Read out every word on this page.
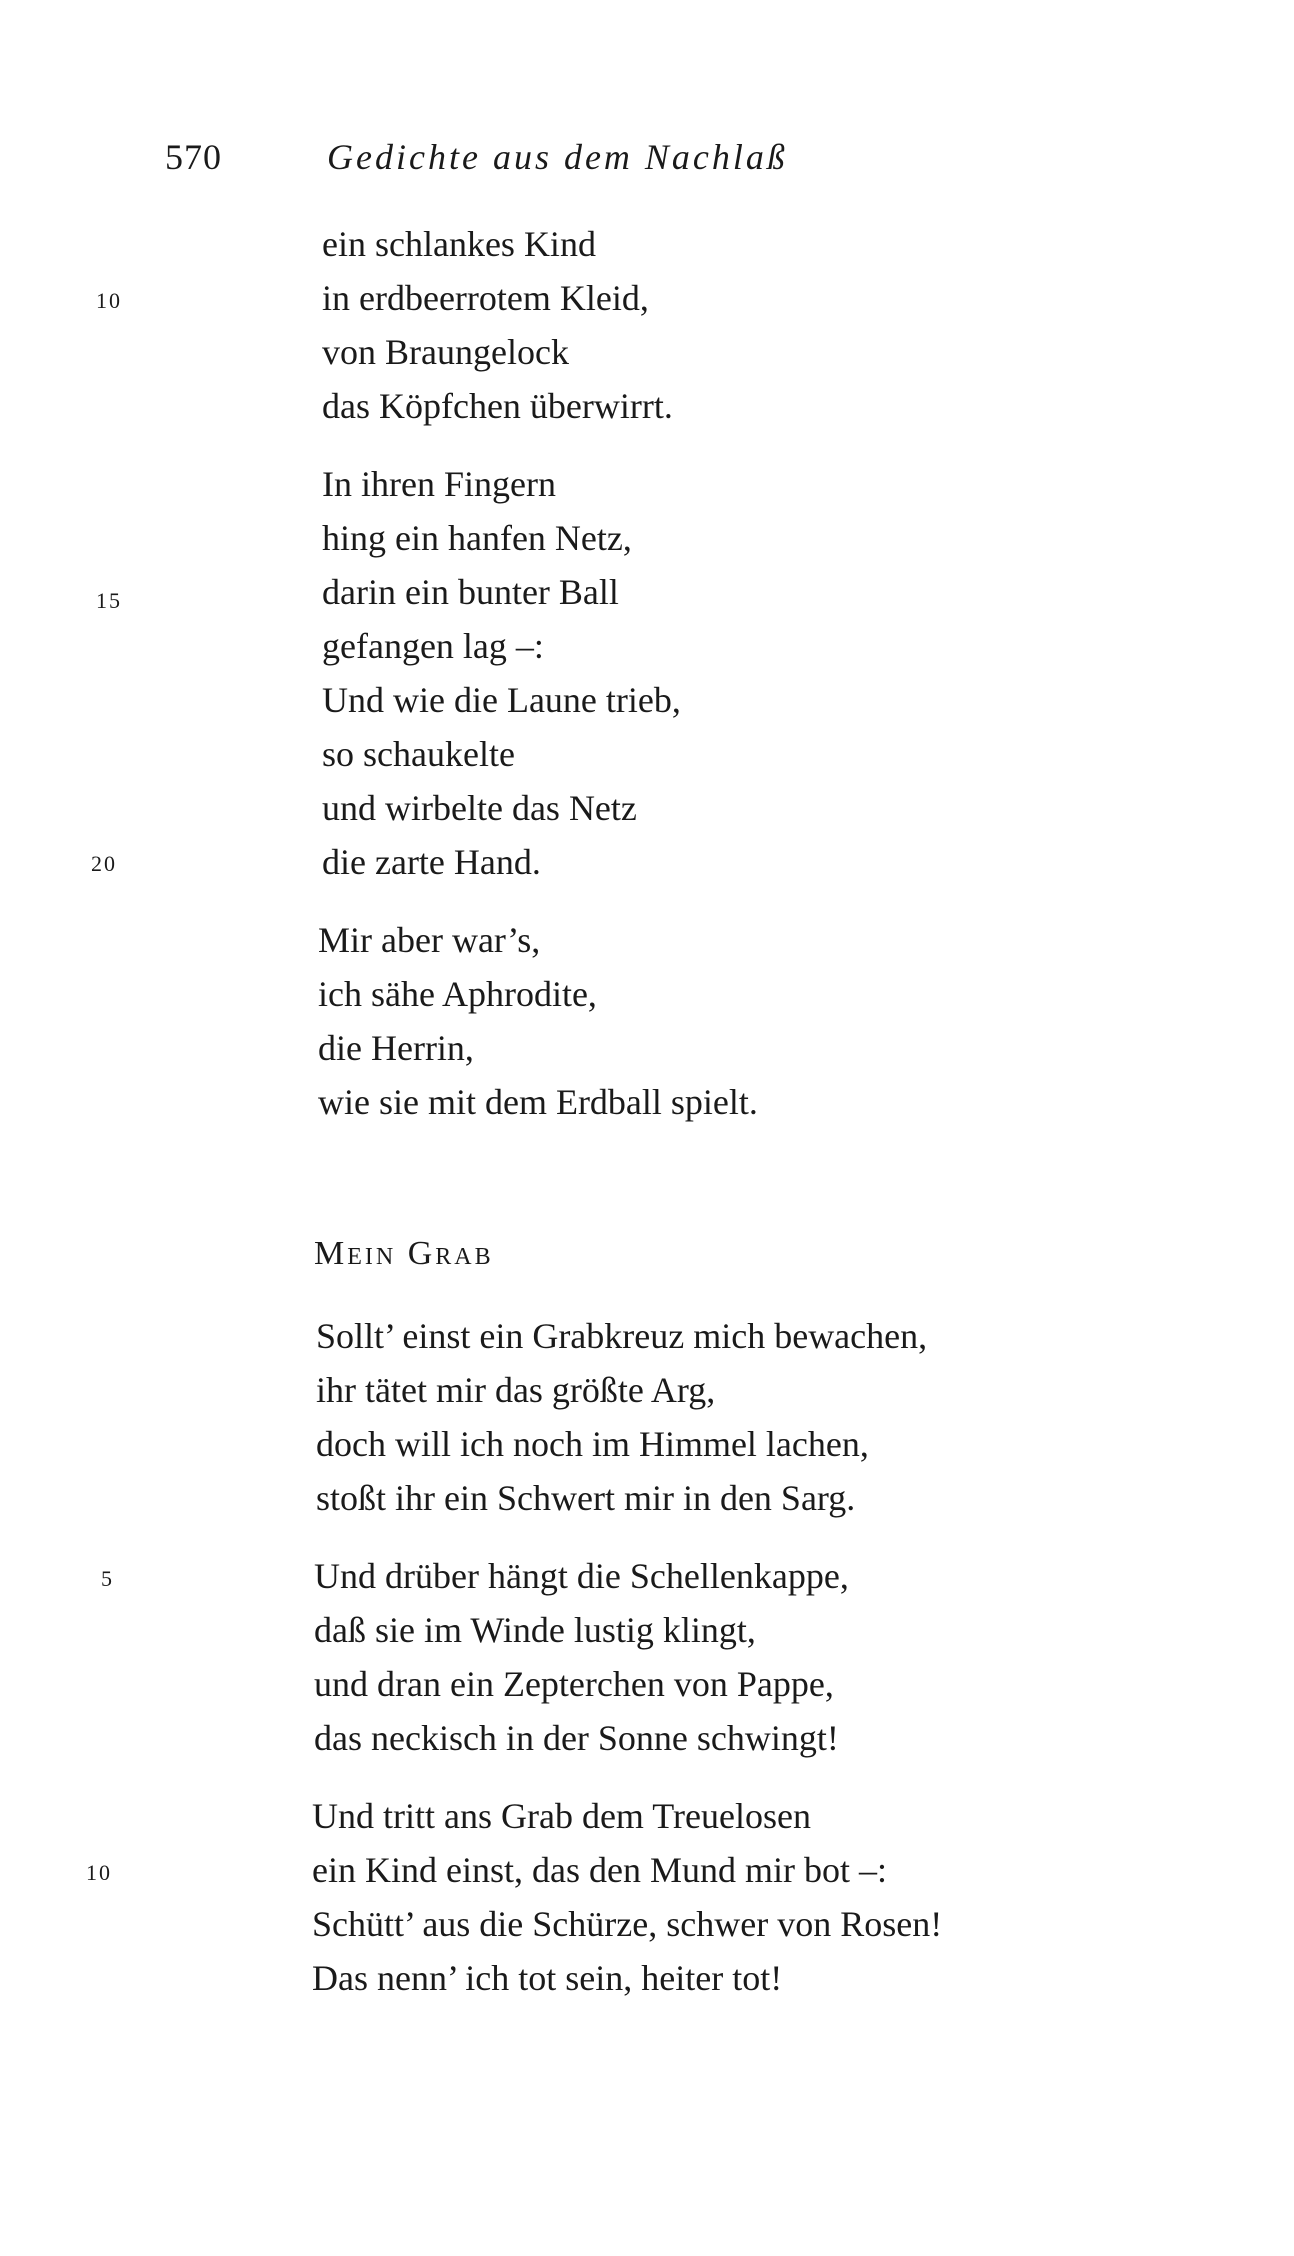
570	Gedichte aus dem Nachlaß
ein schlankes Kind
in erdbeerrotem Kleid,
von Braungelock
das Köpfchen überwirrt.
In ihren Fingern
hing ein hanfen Netz,
darin ein bunter Ball
gefangen lag –:
Und wie die Laune trieb,
so schaukelte
und wirbelte das Netz
die zarte Hand.
Mir aber war’s,
ich sähe Aphrodite,
die Herrin,
wie sie mit dem Erdball spielt.
10
15
20
Mein Grab
Sollt’ einst ein Grabkreuz mich bewachen,
ihr tätet mir das größte Arg,
doch will ich noch im Himmel lachen,
stoßt ihr ein Schwert mir in den Sarg.
Und drüber hängt die Schellenkappe,
daß sie im Winde lustig klingt,
und dran ein Zepterchen von Pappe,
das neckisch in der Sonne schwingt!
Und tritt ans Grab dem Treuelosen
ein Kind einst, das den Mund mir bot –:
Schütt’ aus die Schürze, schwer von Rosen!
Das nenn’ ich tot sein, heiter tot!
5
10
